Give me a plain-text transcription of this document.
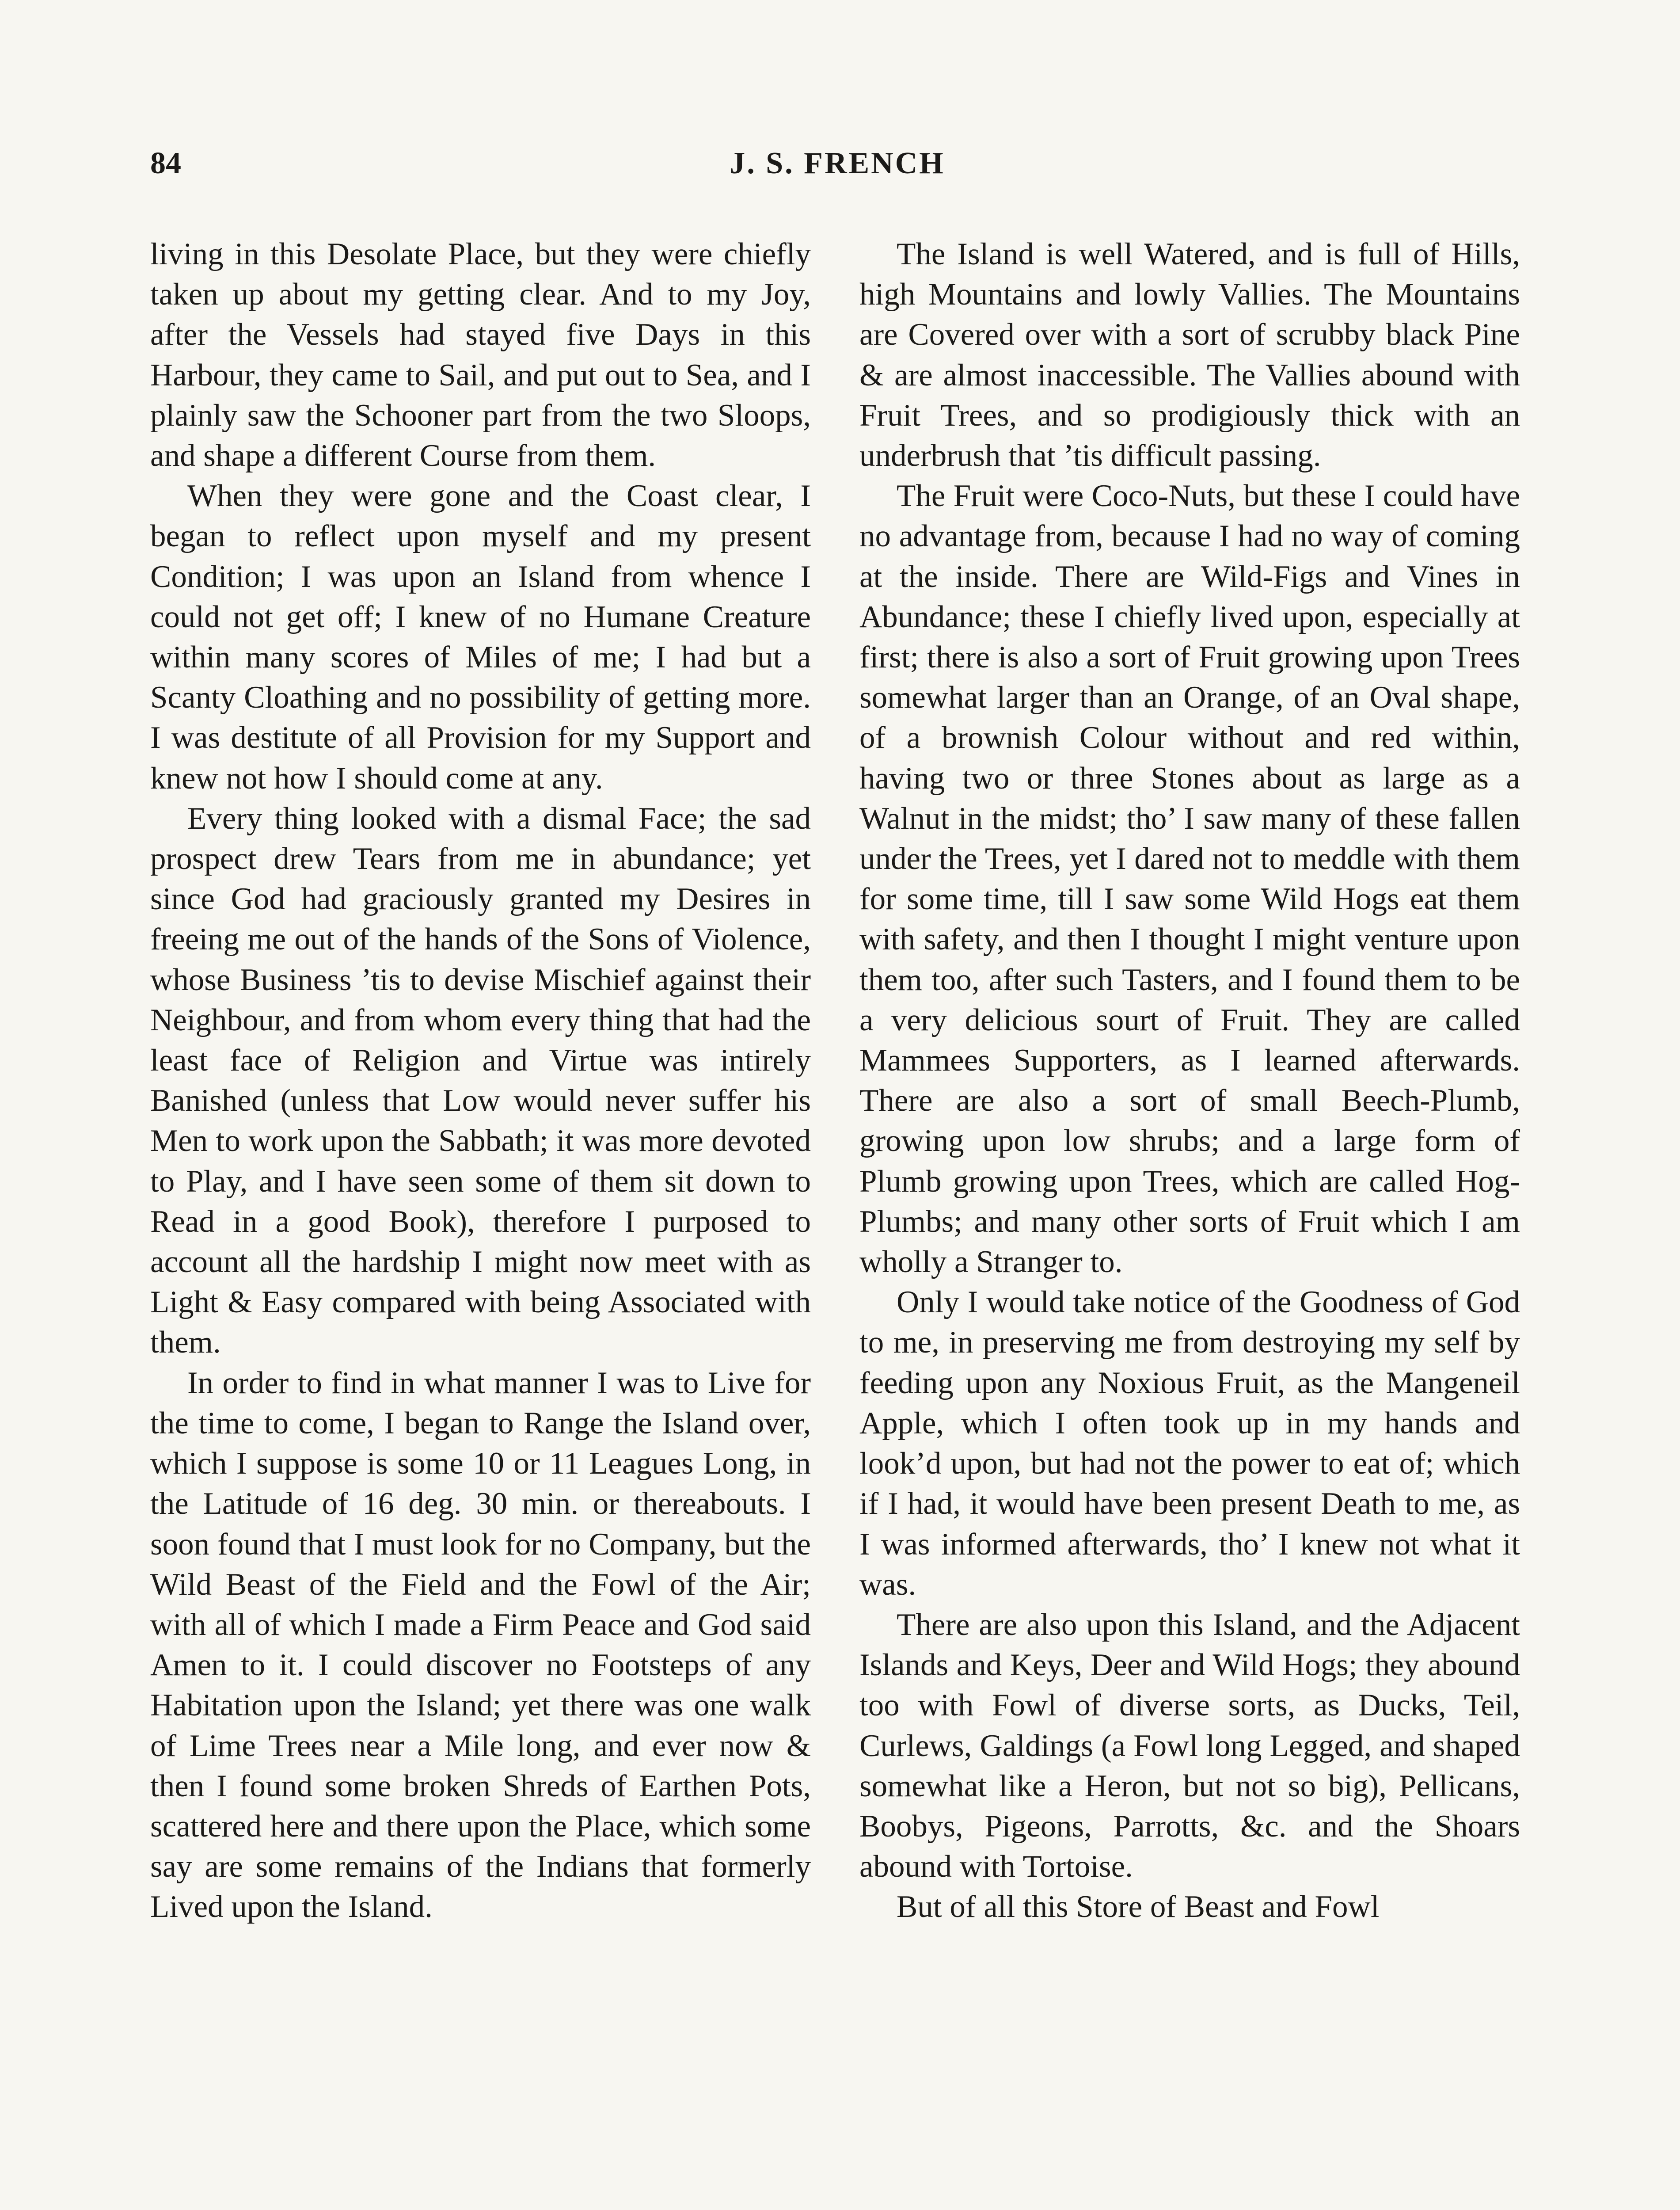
84	J. S. FRENCH

living in this Desolate Place, but they were chiefly taken up about my getting clear. And to my Joy, after the Vessels had stayed five Days in this Harbour, they came to Sail, and put out to Sea, and I plainly saw the Schooner part from the two Sloops, and shape a different Course from them.

When they were gone and the Coast clear, I began to reflect upon myself and my present Condition; I was upon an Island from whence I could not get off; I knew of no Humane Creature within many scores of Miles of me; I had but a Scanty Cloathing and no possibility of getting more. I was destitute of all Provision for my Support and knew not how I should come at any.

Every thing looked with a dismal Face; the sad prospect drew Tears from me in abundance; yet since God had graciously granted my Desires in freeing me out of the hands of the Sons of Violence, whose Business ’tis to devise Mischief against their Neighbour, and from whom every thing that had the least face of Religion and Virtue was intirely Banished (unless that Low would never suffer his Men to work upon the Sabbath; it was more devoted to Play, and I have seen some of them sit down to Read in a good Book), therefore I purposed to account all the hardship I might now meet with as Light & Easy compared with being Associated with them.

In order to find in what manner I was to Live for the time to come, I began to Range the Island over, which I suppose is some 10 or 11 Leagues Long, in the Latitude of 16 deg. 30 min. or thereabouts. I soon found that I must look for no Company, but the Wild Beast of the Field and the Fowl of the Air; with all of which I made a Firm Peace and God said Amen to it. I could discover no Footsteps of any Habitation upon the Island; yet there was one walk of Lime Trees near a Mile long, and ever now & then I found some broken Shreds of Earthen Pots, scattered here and there upon the Place, which some say are some remains of the Indians that formerly Lived upon the Island.

The Island is well Watered, and is full of Hills, high Mountains and lowly Vallies. The Mountains are Covered over with a sort of scrubby black Pine & are almost inaccessible. The Vallies abound with Fruit Trees, and so prodigiously thick with an underbrush that ’tis difficult passing.

The Fruit were Coco-Nuts, but these I could have no advantage from, because I had no way of coming at the inside. There are Wild-Figs and Vines in Abundance; these I chiefly lived upon, especially at first; there is also a sort of Fruit growing upon Trees somewhat larger than an Orange, of an Oval shape, of a brownish Colour without and red within, having two or three Stones about as large as a Walnut in the midst; tho’ I saw many of these fallen under the Trees, yet I dared not to meddle with them for some time, till I saw some Wild Hogs eat them with safety, and then I thought I might venture upon them too, after such Tasters, and I found them to be a very delicious sourt of Fruit. They are called Mammees Supporters, as I learned afterwards. There are also a sort of small Beech-Plumb, growing upon low shrubs; and a large form of Plumb growing upon Trees, which are called Hog-Plumbs; and many other sorts of Fruit which I am wholly a Stranger to.

Only I would take notice of the Goodness of God to me, in preserving me from destroying my self by feeding upon any Noxious Fruit, as the Mangeneil Apple, which I often took up in my hands and look’d upon, but had not the power to eat of; which if I had, it would have been present Death to me, as I was informed afterwards, tho’ I knew not what it was.

There are also upon this Island, and the Adjacent Islands and Keys, Deer and Wild Hogs; they abound too with Fowl of diverse sorts, as Ducks, Teil, Curlews, Galdings (a Fowl long Legged, and shaped somewhat like a Heron, but not so big), Pellicans, Boobys, Pigeons, Parrotts, &c. and the Shoars abound with Tortoise.

But of all this Store of Beast and Fowl
